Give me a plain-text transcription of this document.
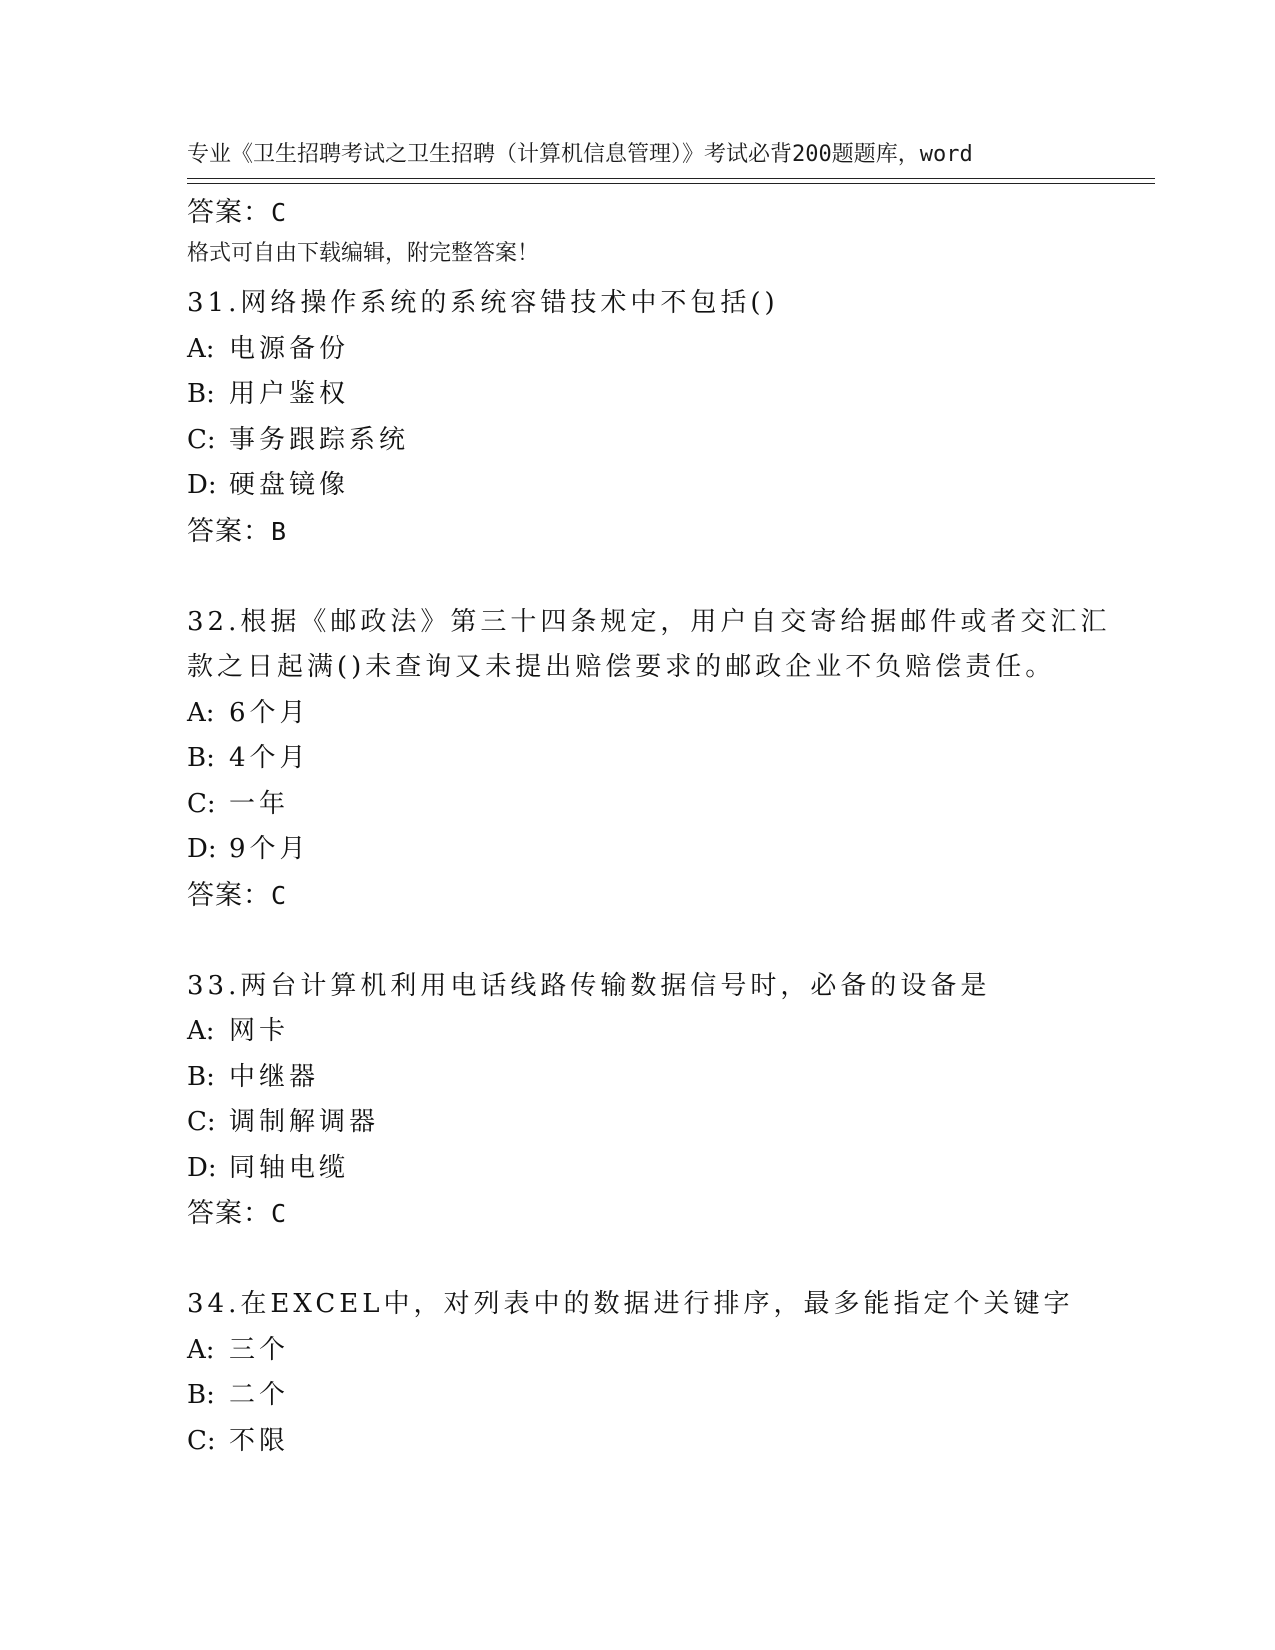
专业《卫生招聘考试之卫生招聘（计算机信息管理）》考试必背200题题库，word

格式可自由下载编辑，附完整答案！

答案：C
31.网络操作系统的系统容错技术中不包括()
A: 电源备份
B: 用户鉴权
C: 事务跟踪系统
D: 硬盘镜像
答案：B
32.根据《邮政法》第三十四条规定，用户自交寄给据邮件或者交汇汇
款之日起满()未查询又未提出赔偿要求的邮政企业不负赔偿责任。
A: 6个月
B: 4个月
C: 一年
D: 9个月
答案：C
33.两台计算机利用电话线路传输数据信号时，必备的设备是
A: 网卡
B: 中继器
C: 调制解调器
D: 同轴电缆
答案：C
34.在EXCEL中，对列表中的数据进行排序，最多能指定个关键字
A: 三个
B: 二个
C: 不限
